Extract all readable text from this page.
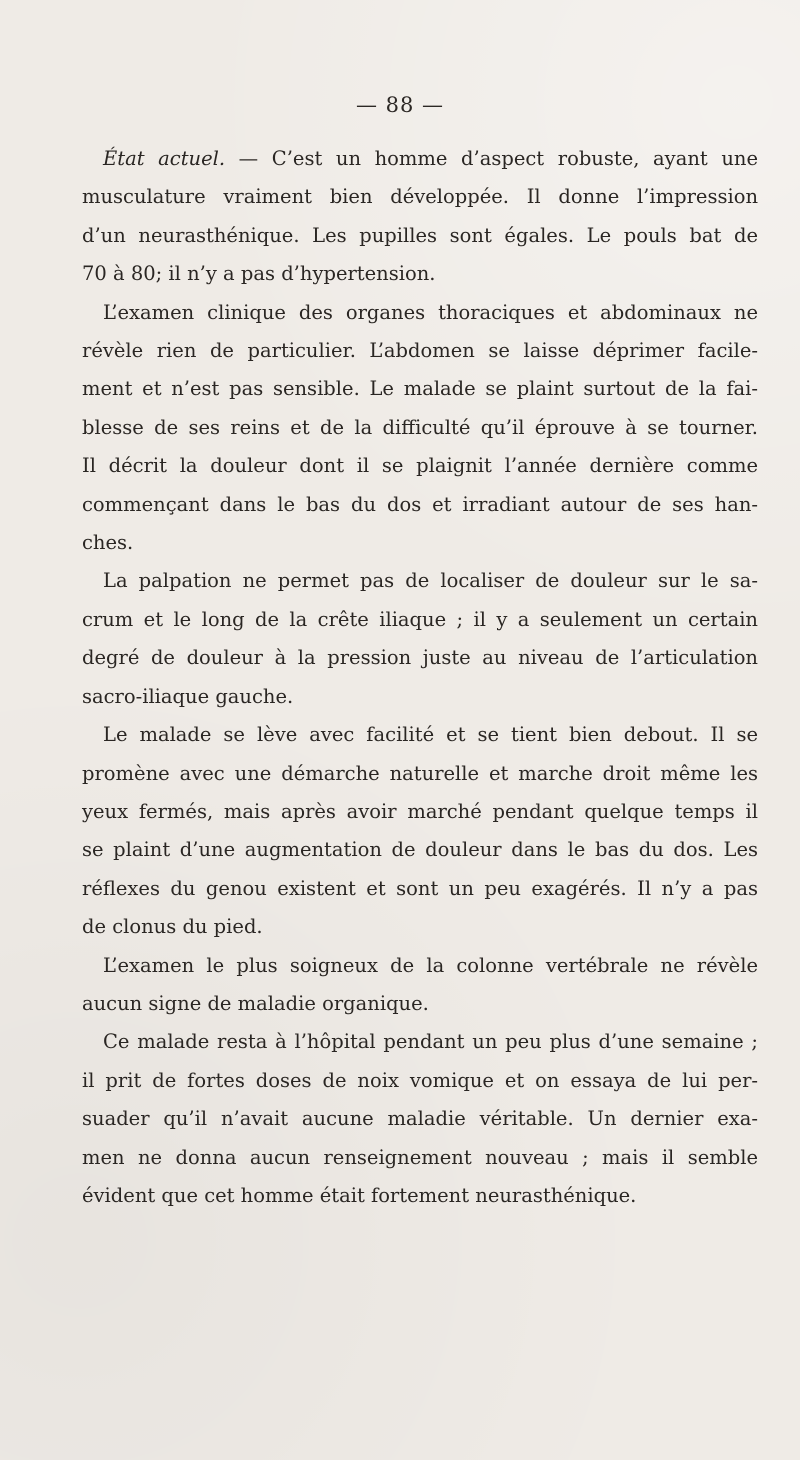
— 88 —
État actuel. — C’est un homme d’aspect robuste, ayant une
musculature vraiment bien développée. Il donne l’impression
d’un neurasthénique. Les pupilles sont égales. Le pouls bat de
70 à 80; il n’y a pas d’hypertension.
L’examen clinique des organes thoraciques et abdominaux ne
révèle rien de particulier. L’abdomen se laisse déprimer facile-
ment et n’est pas sensible. Le malade se plaint surtout de la fai-
blesse de ses reins et de la difficulté qu’il éprouve à se tourner.
Il décrit la douleur dont il se plaignit l’année dernière comme
commençant dans le bas du dos et irradiant autour de ses han-
ches.
La palpation ne permet pas de localiser de douleur sur le sa-
crum et le long de la crête iliaque ; il y a seulement un certain
degré de douleur à la pression juste au niveau de l’articulation
sacro-iliaque gauche.
Le malade se lève avec facilité et se tient bien debout. Il se
promène avec une démarche naturelle et marche droit même les
yeux fermés, mais après avoir marché pendant quelque temps il
se plaint d’une augmentation de douleur dans le bas du dos. Les
réflexes du genou existent et sont un peu exagérés. Il n’y a pas
de clonus du pied.
L’examen le plus soigneux de la colonne vertébrale ne révèle
aucun signe de maladie organique.
Ce malade resta à l’hôpital pendant un peu plus d’une semaine ;
il prit de fortes doses de noix vomique et on essaya de lui per-
suader qu’il n’avait aucune maladie véritable. Un dernier exa-
men ne donna aucun renseignement nouveau ; mais il semble
évident que cet homme était fortement neurasthénique.
